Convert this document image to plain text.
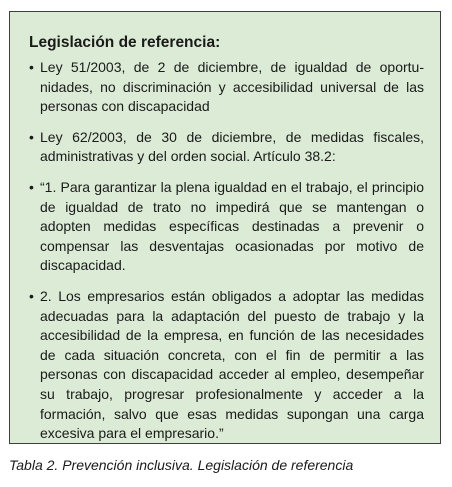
Legislación de referencia:
• Ley 51/2003, de 2 de diciembre, de igualdad de oportunidades, no discriminación y accesibilidad universal de las personas con discapacidad
• Ley 62/2003, de 30 de diciembre, de medidas fiscales, administrativas y del orden social. Artículo 38.2:
• “1. Para garantizar la plena igualdad en el trabajo, el principio de igualdad de trato no impedirá que se mantengan o adopten medidas específicas destinadas a prevenir o compensar las desventajas ocasionadas por motivo de discapacidad.
• 2. Los empresarios están obligados a adoptar las medidas adecuadas para la adaptación del puesto de trabajo y la accesibilidad de la empresa, en función de las necesidades de cada situación concreta, con el fin de permitir a las personas con discapacidad acceder al empleo, desempeñar su trabajo, progresar profesionalmente y acceder a la formación, salvo que esas medidas supongan una carga excesiva para el empresario.”
Tabla 2. Prevención inclusiva. Legislación de referencia
